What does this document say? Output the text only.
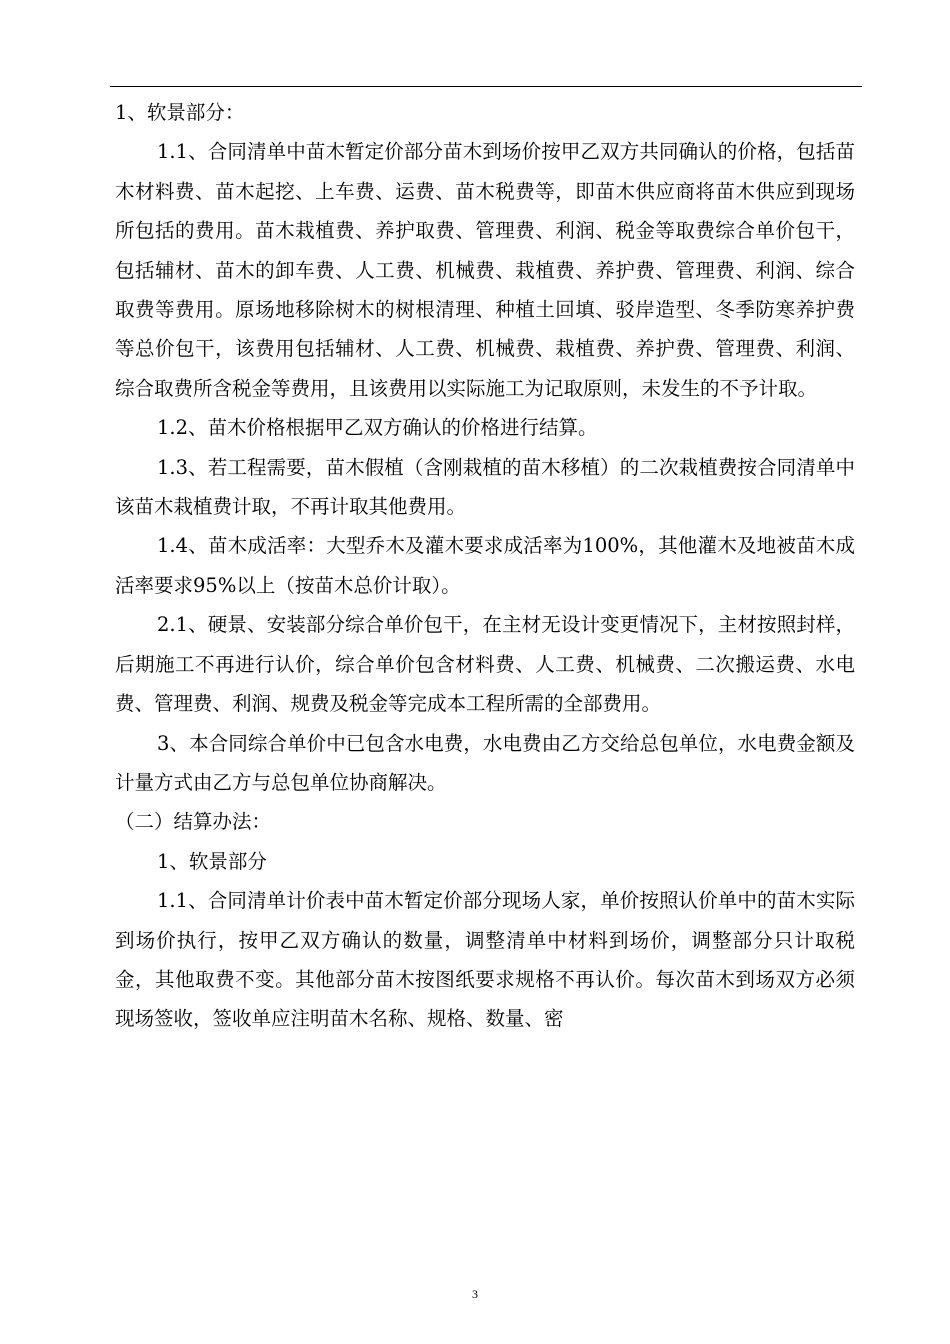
1、软景部分：

1.1、合同清单中苗木暂定价部分苗木到场价按甲乙双方共同确认的价格，包括苗木材料费、苗木起挖、上车费、运费、苗木税费等，即苗木供应商将苗木供应到现场所包括的费用。苗木栽植费、养护取费、管理费、利润、税金等取费综合单价包干，包括辅材、苗木的卸车费、人工费、机械费、栽植费、养护费、管理费、利润、综合取费等费用。原场地移除树木的树根清理、种植土回填、驳岸造型、冬季防寒养护费等总价包干，该费用包括辅材、人工费、机械费、栽植费、养护费、管理费、利润、综合取费所含税金等费用，且该费用以实际施工为记取原则，未发生的不予计取。

1.2、苗木价格根据甲乙双方确认的价格进行结算。

1.3、若工程需要，苗木假植（含刚栽植的苗木移植）的二次栽植费按合同清单中该苗木栽植费计取，不再计取其他费用。

1.4、苗木成活率：大型乔木及灌木要求成活率为100%，其他灌木及地被苗木成活率要求95%以上（按苗木总价计取）。

2.1、硬景、安装部分综合单价包干，在主材无设计变更情况下，主材按照封样，后期施工不再进行认价，综合单价包含材料费、人工费、机械费、二次搬运费、水电费、管理费、利润、规费及税金等完成本工程所需的全部费用。

3、本合同综合单价中已包含水电费，水电费由乙方交给总包单位，水电费金额及计量方式由乙方与总包单位协商解决。

（二）结算办法：

1、软景部分

1.1、合同清单计价表中苗木暂定价部分现场人家，单价按照认价单中的苗木实际到场价执行，按甲乙双方确认的数量，调整清单中材料到场价，调整部分只计取税金，其他取费不变。其他部分苗木按图纸要求规格不再认价。每次苗木到场双方必须现场签收，签收单应注明苗木名称、规格、数量、密

3
